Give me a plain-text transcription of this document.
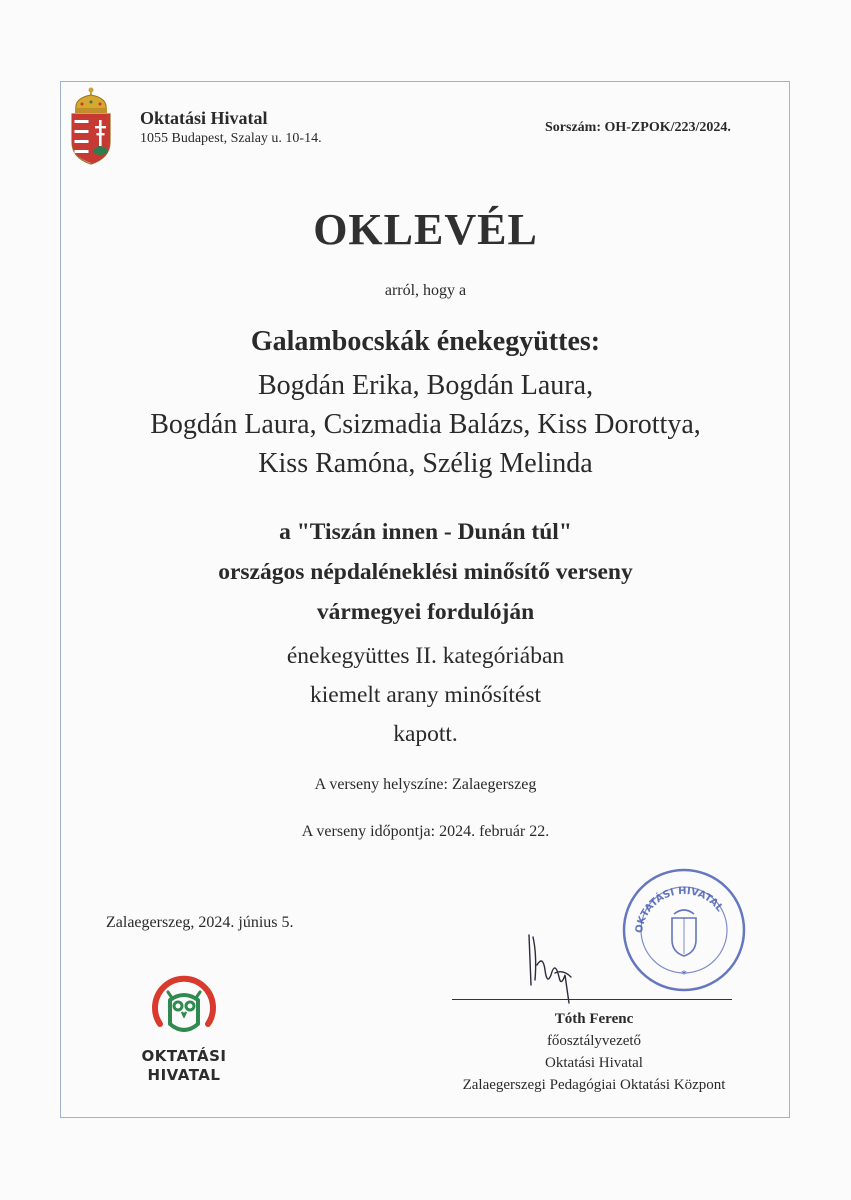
Oktatási Hivatal
1055 Budapest, Szalay u. 10-14.
Sorszám: OH-ZPOK/223/2024.
OKLEVÉL
arról, hogy a
Galambocskák énekegyüttes:
Bogdán Erika, Bogdán Laura,
Bogdán Laura, Csizmadia Balázs, Kiss Dorottya,
Kiss Ramóna, Szélig Melinda
a "Tiszán innen - Dunán túl"
országos népdaléneklési minősítő verseny
vármegyei fordulóján
énekegyüttes II. kategóriában
kiemelt arany minősítést
kapott.
A verseny helyszíne: Zalaegerszeg
A verseny időpontja: 2024. február 22.
Zalaegerszeg, 2024. június 5.
OKTATÁSI
HIVATAL
OKTATÁSI HIVATAL
*
Tóth Ferenc
főosztályvezető
Oktatási Hivatal
Zalaegerszegi Pedagógiai Oktatási Központ
